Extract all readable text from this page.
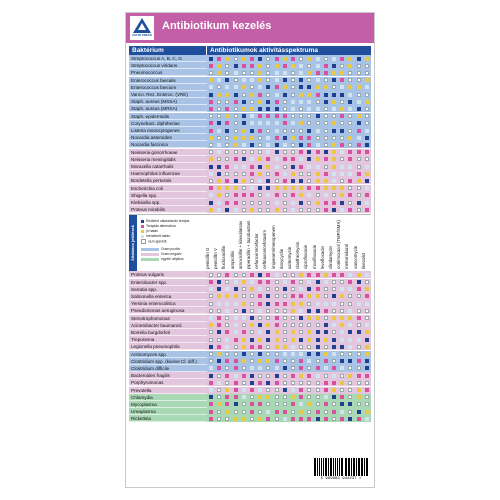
ZAFIR PRESS
Antibiotikum kezelés
Baktérium	Antibiotikumok aktivitásspektruma
Streptococcus A, B, C, G
Streptococcus viridans
Pneumococcus
Enterococcus faecalis
Enterococcus faecium
Vanco. Rez. Enteroc. (VRE)
Staph. aureus (MSSA)
Staph. aureus (MRSA)
Staph. epidermidis
Corynebact. diphtheriae
Listeria monocytogenes
Nocardia asteroides
Nocardia farcinica
Neisseria gonorrhoeae
Neisseria meningitidis
Moraxella catarrhalis
Haemophilus influenzae
Bordetella pertussis
Escherichia coli
Shigella spp.
Klebsiella spp.
Proteus mirabilis
Általános jelölések
Elsőként választandó terápia
Terápiás alternatíva
jó hatás
mérsékelt hatás
nem ajánlott
Gram pozitív
Gram negatív
egyéb/ atipikus	penicillin G penicillin V flucloxacillin ampicillin amoxicillin + klavulánsav piperacillin + tazobactam cefuroxim/cefaclor ceftriaxon/cefotaxim imipenem/meropenem doxycyclin azitromycin clarithromycin ciprofloxacin moxifloxacin levofloxacin clindamycin cotrimoxazol (TMP/SMX) metronidazol vancomycin linezolid
Proteus vulgaris
Enterobacter spp.
Serratia spp.
Salmonella enterica
Yersinia enterocolitica
Pseudomonas aeruginosa
Stenotrophomonas
Acinetobacter baumannii
Borrelia burgdorferi
Treponema
Legionella pneumophila
Actinomyces spp.
Clostridium spp. (kivéve Cl. diff.)
Clostridium difficile
Bacteroides fragilis
Porphyromonas
Prevotella
Chlamydia
Mycoplasma
Ureaplasma
Rickettsia
5 999883 944237 >
